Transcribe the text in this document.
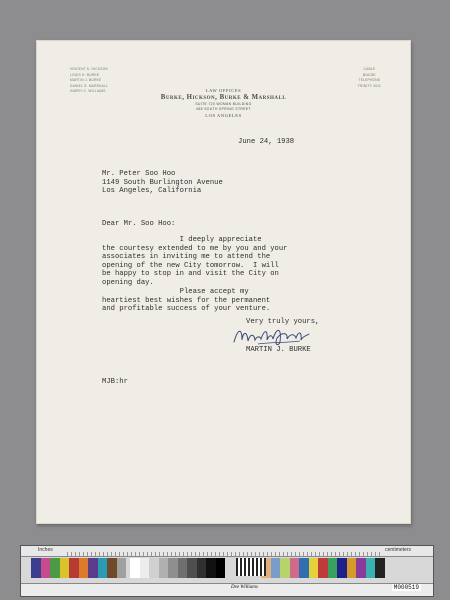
VINCENT K. HICKSON
LOUIS H. BURKE
MARTIN J. BURKE
DANIEL S. MARSHALL
HARRY C. WILLIAMS
CABLE
BUCOK
TELEPHONE
TRINITY 4011
LAW OFFICES
Burke, Hickson, Burke & Marshall
SUITE 720 WOMAN BUILDING
458 SOUTH SPRING STREET
LOS ANGELES
June 24, 1938
Mr. Peter Soo Hoo
1149 South Burlington Avenue
Los Angeles, California
Dear Mr. Soo Hoo:
I deeply appreciate
the courtesy extended to me by you and your
associates in inviting me to attend the
opening of the new City tomorrow.  I will
be happy to stop in and visit the City on
opening day.
Please accept my
heartiest best wishes for the permanent
and profitable success of your venture.
Very truly yours,
MARTIN J. BURKE
MJB:hr
Inches	centimeters
Dee Williams	M000519
